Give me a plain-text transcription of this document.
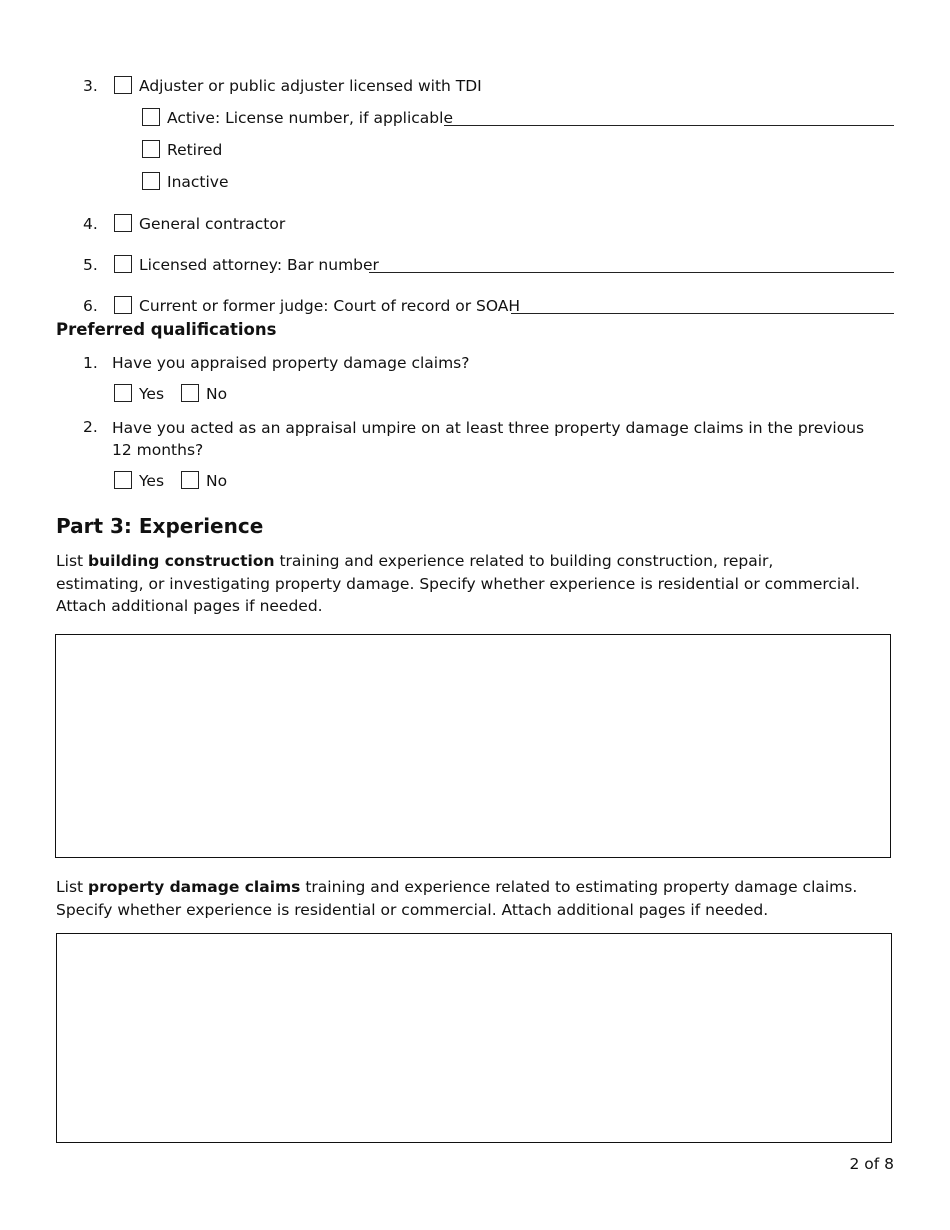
3.	Adjuster or public adjuster licensed with TDI
Active: License number, if applicable
Retired
Inactive
4.	General contractor
5.	Licensed attorney: Bar number
6.	Current or former judge: Court of record or SOAH
Preferred qualifications
1. Have you appraised property damage claims?
Yes	No
2. Have you acted as an appraisal umpire on at least three property damage claims in the previous 12 months?
Yes	No
Part 3: Experience
List building construction training and experience related to building construction, repair, estimating, or investigating property damage. Specify whether experience is residential or commercial. Attach additional pages if needed.
List property damage claims training and experience related to estimating property damage claims. Specify whether experience is residential or commercial. Attach additional pages if needed.
2 of 8
